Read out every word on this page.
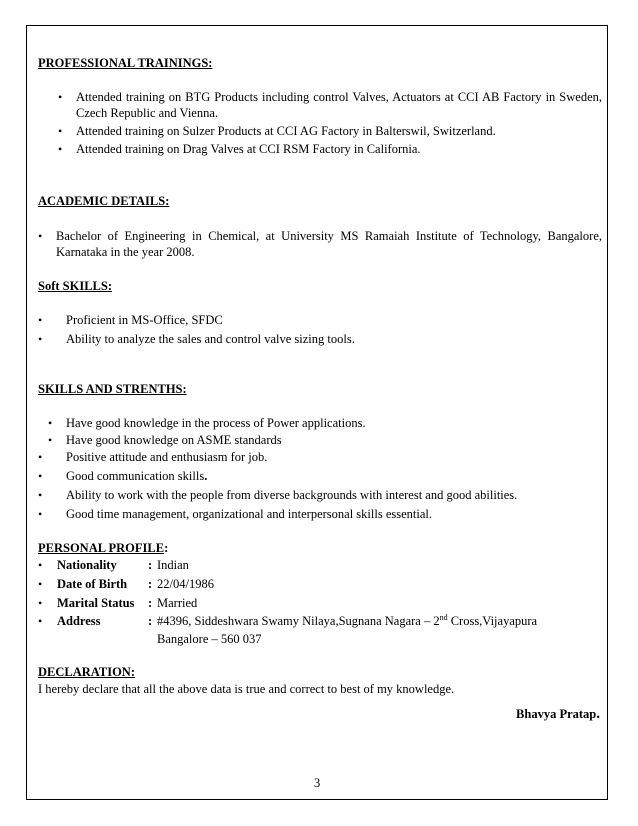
PROFESSIONAL TRAININGS:
• Attended training on BTG Products including control Valves, Actuators at CCI AB Factory in Sweden, Czech Republic and Vienna.
• Attended training on Sulzer Products at CCI AG Factory in Balterswil, Switzerland.
• Attended training on Drag Valves at CCI RSM Factory in California.
ACADEMIC DETAILS:
• Bachelor of Engineering in Chemical, at University MS Ramaiah Institute of Technology, Bangalore, Karnataka in the year 2008.
Soft SKILLS:
• Proficient in MS-Office, SFDC
• Ability to analyze the sales and control valve sizing tools.
SKILLS AND STRENTHS:
• Have good knowledge in the process of Power applications.
• Have good knowledge on ASME standards
• Positive attitude and enthusiasm for job.
• Good communication skills.
• Ability to work with the people from diverse backgrounds with interest and good abilities.
• Good time management, organizational and interpersonal skills essential.
PERSONAL PROFILE:
• Nationality	: Indian
• Date of Birth : 22/04/1986
• Marital Status : Married
• Address	: #4396, Siddeshwara Swamy Nilaya,Sugnana Nagara – 2nd Cross,Vijayapura
Bangalore – 560 037
DECLARATION:
I hereby declare that all the above data is true and correct to best of my knowledge.
Bhavya Pratap.
3
